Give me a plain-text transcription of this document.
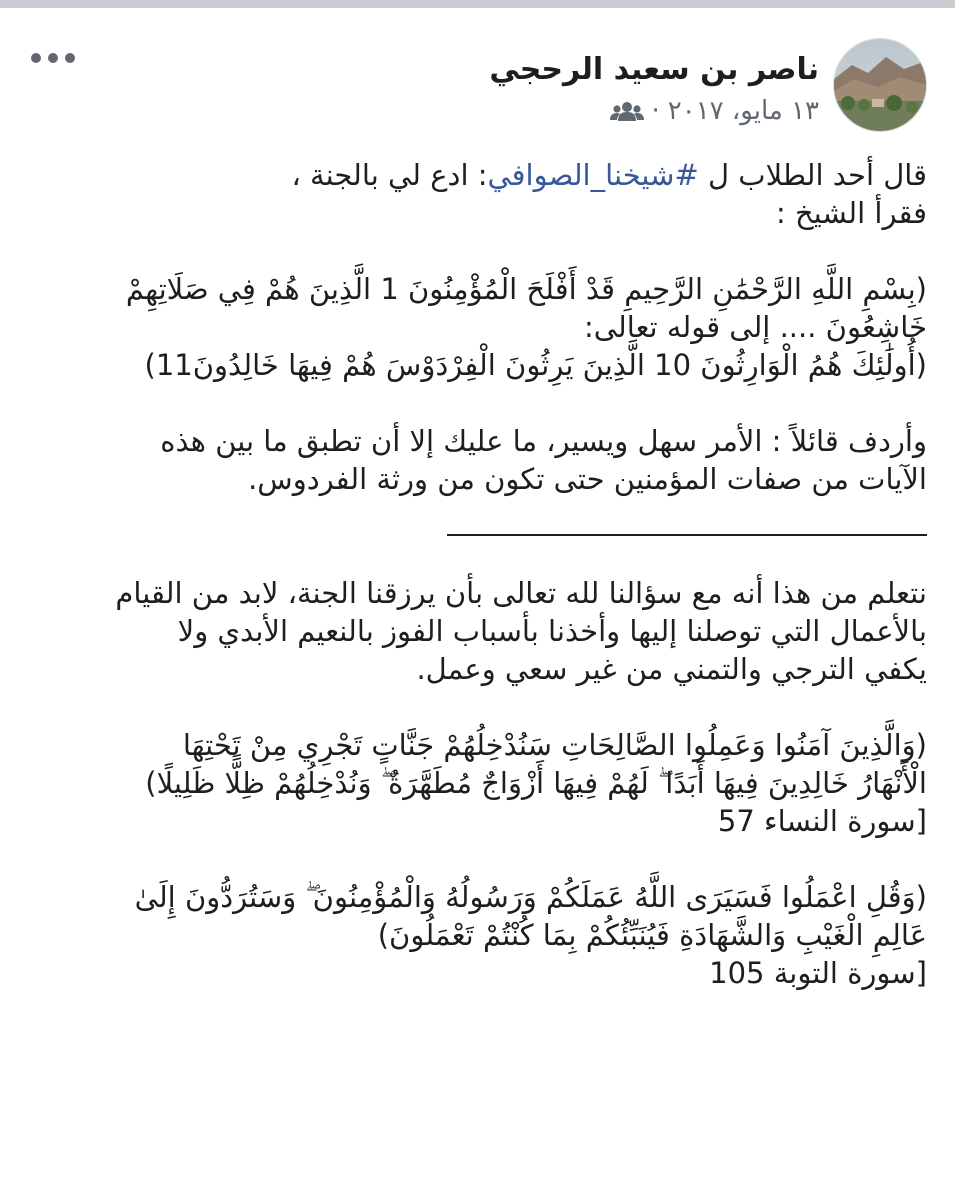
ناصر بن سعيد الرحجي
١٣ مايو، ٢٠١٧
·

قال أحد الطلاب ل #شيخنا_الصوافي: ادع لي بالجنة ،

فقرأ الشيخ :

(بِسْمِ اللَّهِ الرَّحْمَٰنِ الرَّحِيمِ قَدْ أَفْلَحَ الْمُؤْمِنُونَ 1 الَّذِينَ هُمْ فِي صَلَاتِهِمْ

خَاشِعُونَ .... إلى قوله تعالى:

(أُولَٰئِكَ هُمُ الْوَارِثُونَ 10 الَّذِينَ يَرِثُونَ الْفِرْدَوْسَ هُمْ فِيهَا خَالِدُونَ11)

وأردف قائلاً : الأمر سهل ويسير، ما عليك إلا أن تطبق ما بين هذه

الآيات من صفات المؤمنين حتى تكون من ورثة الفردوس.

نتعلم من هذا أنه مع سؤالنا لله تعالى بأن يرزقنا الجنة، لابد من القيام

بالأعمال التي توصلنا إليها وأخذنا بأسباب الفوز بالنعيم الأبدي ولا

يكفي الترجي والتمني من غير سعي وعمل.

(وَالَّذِينَ آمَنُوا وَعَمِلُوا الصَّالِحَاتِ سَنُدْخِلُهُمْ جَنَّاتٍ تَجْرِي مِنْ تَحْتِهَا

الْأَنْهَارُ خَالِدِينَ فِيهَا أَبَدًا ۖ لَهُمْ فِيهَا أَزْوَاجٌ مُطَهَّرَةٌ ۖ وَنُدْخِلُهُمْ ظِلًّا ظَلِيلًا)

[سورة النساء 57

(وَقُلِ اعْمَلُوا فَسَيَرَى اللَّهُ عَمَلَكُمْ وَرَسُولُهُ وَالْمُؤْمِنُونَ ۖ وَسَتُرَدُّونَ إِلَىٰ

عَالِمِ الْغَيْبِ وَالشَّهَادَةِ فَيُنَبِّئُكُمْ بِمَا كُنْتُمْ تَعْمَلُونَ)

[سورة التوبة 105
